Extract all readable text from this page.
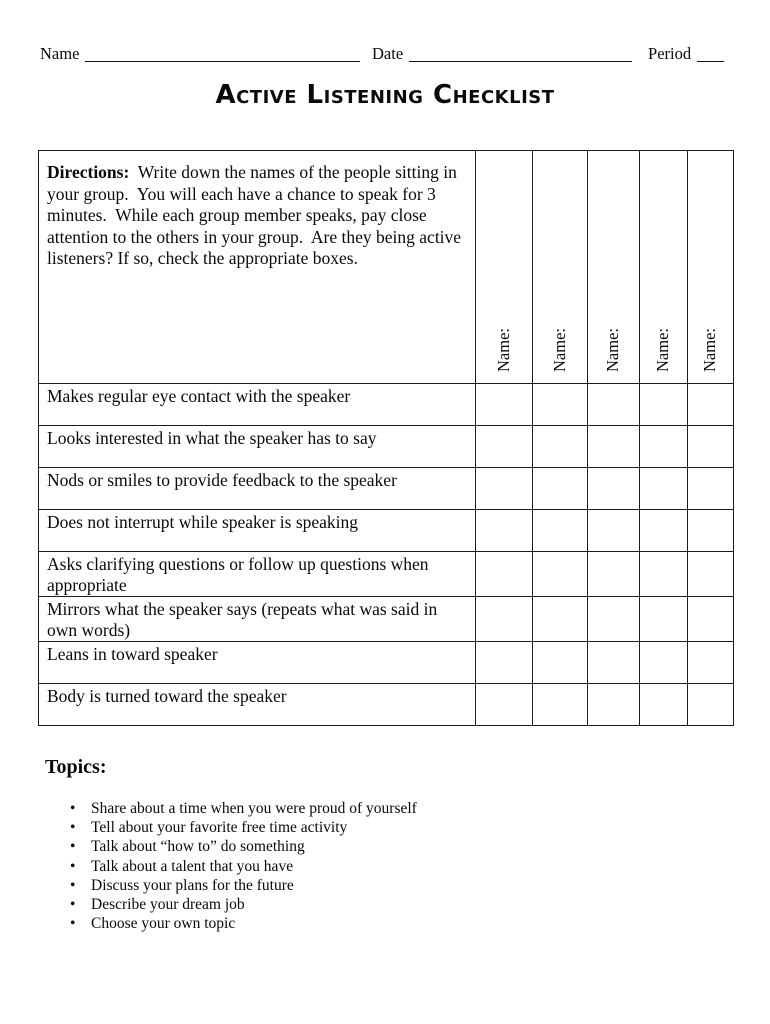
Name	Date	Period
Active Listening Checklist
Directions:  Write down the names of the people sitting in your group.  You will each have a chance to speak for 3 minutes.  While each group member speaks, pay close attention to the others in your group.  Are they being active listeners? If so, check the appropriate boxes.	Name:	Name:	Name:	Name:	Name:
Makes regular eye contact with the speaker					
Looks interested in what the speaker has to say					
Nods or smiles to provide feedback to the speaker					
Does not interrupt while speaker is speaking					
Asks clarifying questions or follow up questions when appropriate					
Mirrors what the speaker says (repeats what was said in own words)					
Leans in toward speaker					
Body is turned toward the speaker					
Topics:
• Share about a time when you were proud of yourself
• Tell about your favorite free time activity
• Talk about “how to” do something
• Talk about a talent that you have
• Discuss your plans for the future
• Describe your dream job
• Choose your own topic
